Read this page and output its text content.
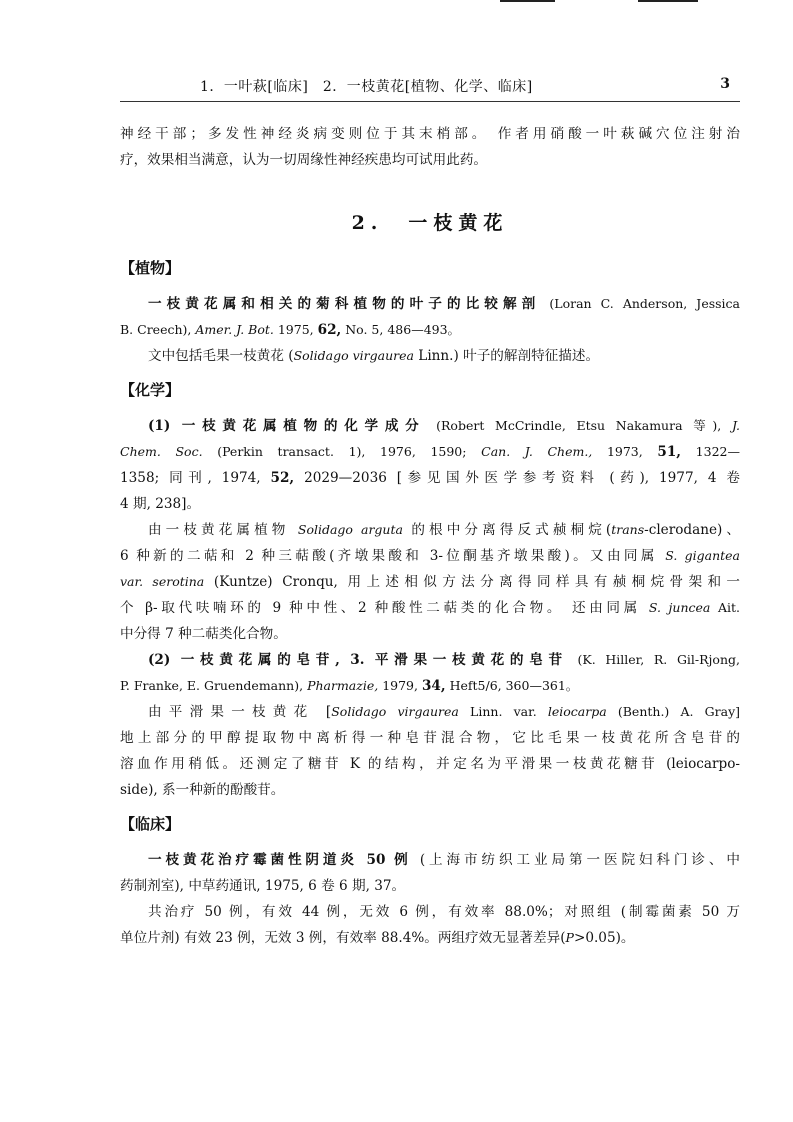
1．一叶萩[临床]　2．一枝黄花[植物、化学、临床]	3
神经干部；多发性神经炎病变则位于其末梢部。 作者用硝酸一叶萩碱穴位注射治
疗，效果相当满意，认为一切周缘性神经疾患均可试用此药。
2.　一枝黄花
【植物】
一枝黄花属和相关的菊科植物的叶子的比较解剖 (Loran C. Anderson, Jessica
B. Creech), Amer. J. Bot. 1975, 62, No. 5, 486—493。
文中包括毛果一枝黄花 (Solidago virgaurea Linn.) 叶子的解剖特征描述。
【化学】
(1) 一枝黄花属植物的化学成分 (Robert McCrindle, Etsu Nakamura 等), J.
Chem. Soc. (Perkin transact. 1), 1976, 1590; Can. J. Chem., 1973, 51, 1322—
1358; 同刊, 1974, 52, 2029—2036 [参见国外医学参考资料 (药), 1977, 4 卷
4 期, 238]。
由一枝黄花属植物 Solidago arguta 的根中分离得反式赪桐烷(trans-clerodane)、
6 种新的二萜和 2 种三萜酸(齐墩果酸和 3-位酮基齐墩果酸)。又由同属 S. gigantea
var. serotina (Kuntze) Cronqu, 用上述相似方法分离得同样具有赪桐烷骨架和一
个 β-取代呋喃环的 9 种中性、2 种酸性二萜类的化合物。 还由同属 S. juncea Ait.
中分得 7 种二萜类化合物。
(2) 一枝黄花属的皂苷, 3. 平滑果一枝黄花的皂苷 (K. Hiller, R. Gil-Rjong,
P. Franke, E. Gruendemann), Pharmazie, 1979, 34, Heft5/6, 360—361。
由平滑果一枝黄花 [Solidago virgaurea Linn. var. leiocarpa (Benth.) A. Gray]
地上部分的甲醇提取物中离析得一种皂苷混合物，它比毛果一枝黄花所含皂苷的
溶血作用稍低。还测定了糖苷 K 的结构，并定名为平滑果一枝黄花糖苷 (leiocarpo-
side), 系一种新的酚酸苷。
【临床】
一枝黄花治疗霉菌性阴道炎 50 例 (上海市纺织工业局第一医院妇科门诊、中
药制剂室), 中草药通讯, 1975, 6 卷 6 期, 37。
共治疗 50 例，有效 44 例，无效 6 例，有效率 88.0%；对照组 (制霉菌素 50 万
单位片剂) 有效 23 例，无效 3 例，有效率 88.4%。两组疗效无显著差异(P>0.05)。
